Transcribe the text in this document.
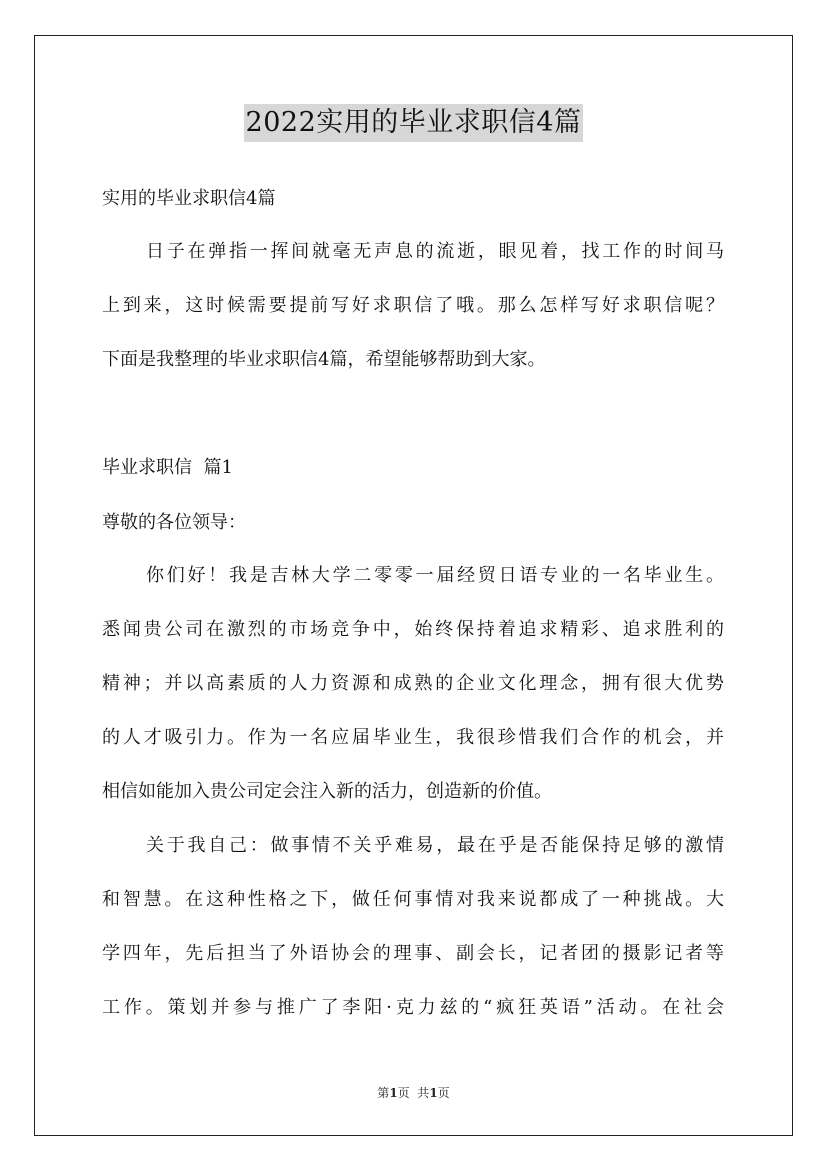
2022实用的毕业求职信4篇
实用的毕业求职信4篇
日子在弹指一挥间就毫无声息的流逝，眼见着，找工作的时间马
上到来，这时候需要提前写好求职信了哦。那么怎样写好求职信呢？
下面是我整理的毕业求职信4篇，希望能够帮助到大家。
毕业求职信  篇1
尊敬的各位领导：
你们好！我是吉林大学二零零一届经贸日语专业的一名毕业生。
悉闻贵公司在激烈的市场竞争中，始终保持着追求精彩、追求胜利的
精神；并以高素质的人力资源和成熟的企业文化理念，拥有很大优势
的人才吸引力。作为一名应届毕业生，我很珍惜我们合作的机会，并
相信如能加入贵公司定会注入新的活力，创造新的价值。
关于我自己：做事情不关乎难易，最在乎是否能保持足够的激情
和智慧。在这种性格之下，做任何事情对我来说都成了一种挑战。大
学四年，先后担当了外语协会的理事、副会长，记者团的摄影记者等
工作。策划并参与推广了李阳·克力兹的“疯狂英语”活动。在社会
第1页  共1页
